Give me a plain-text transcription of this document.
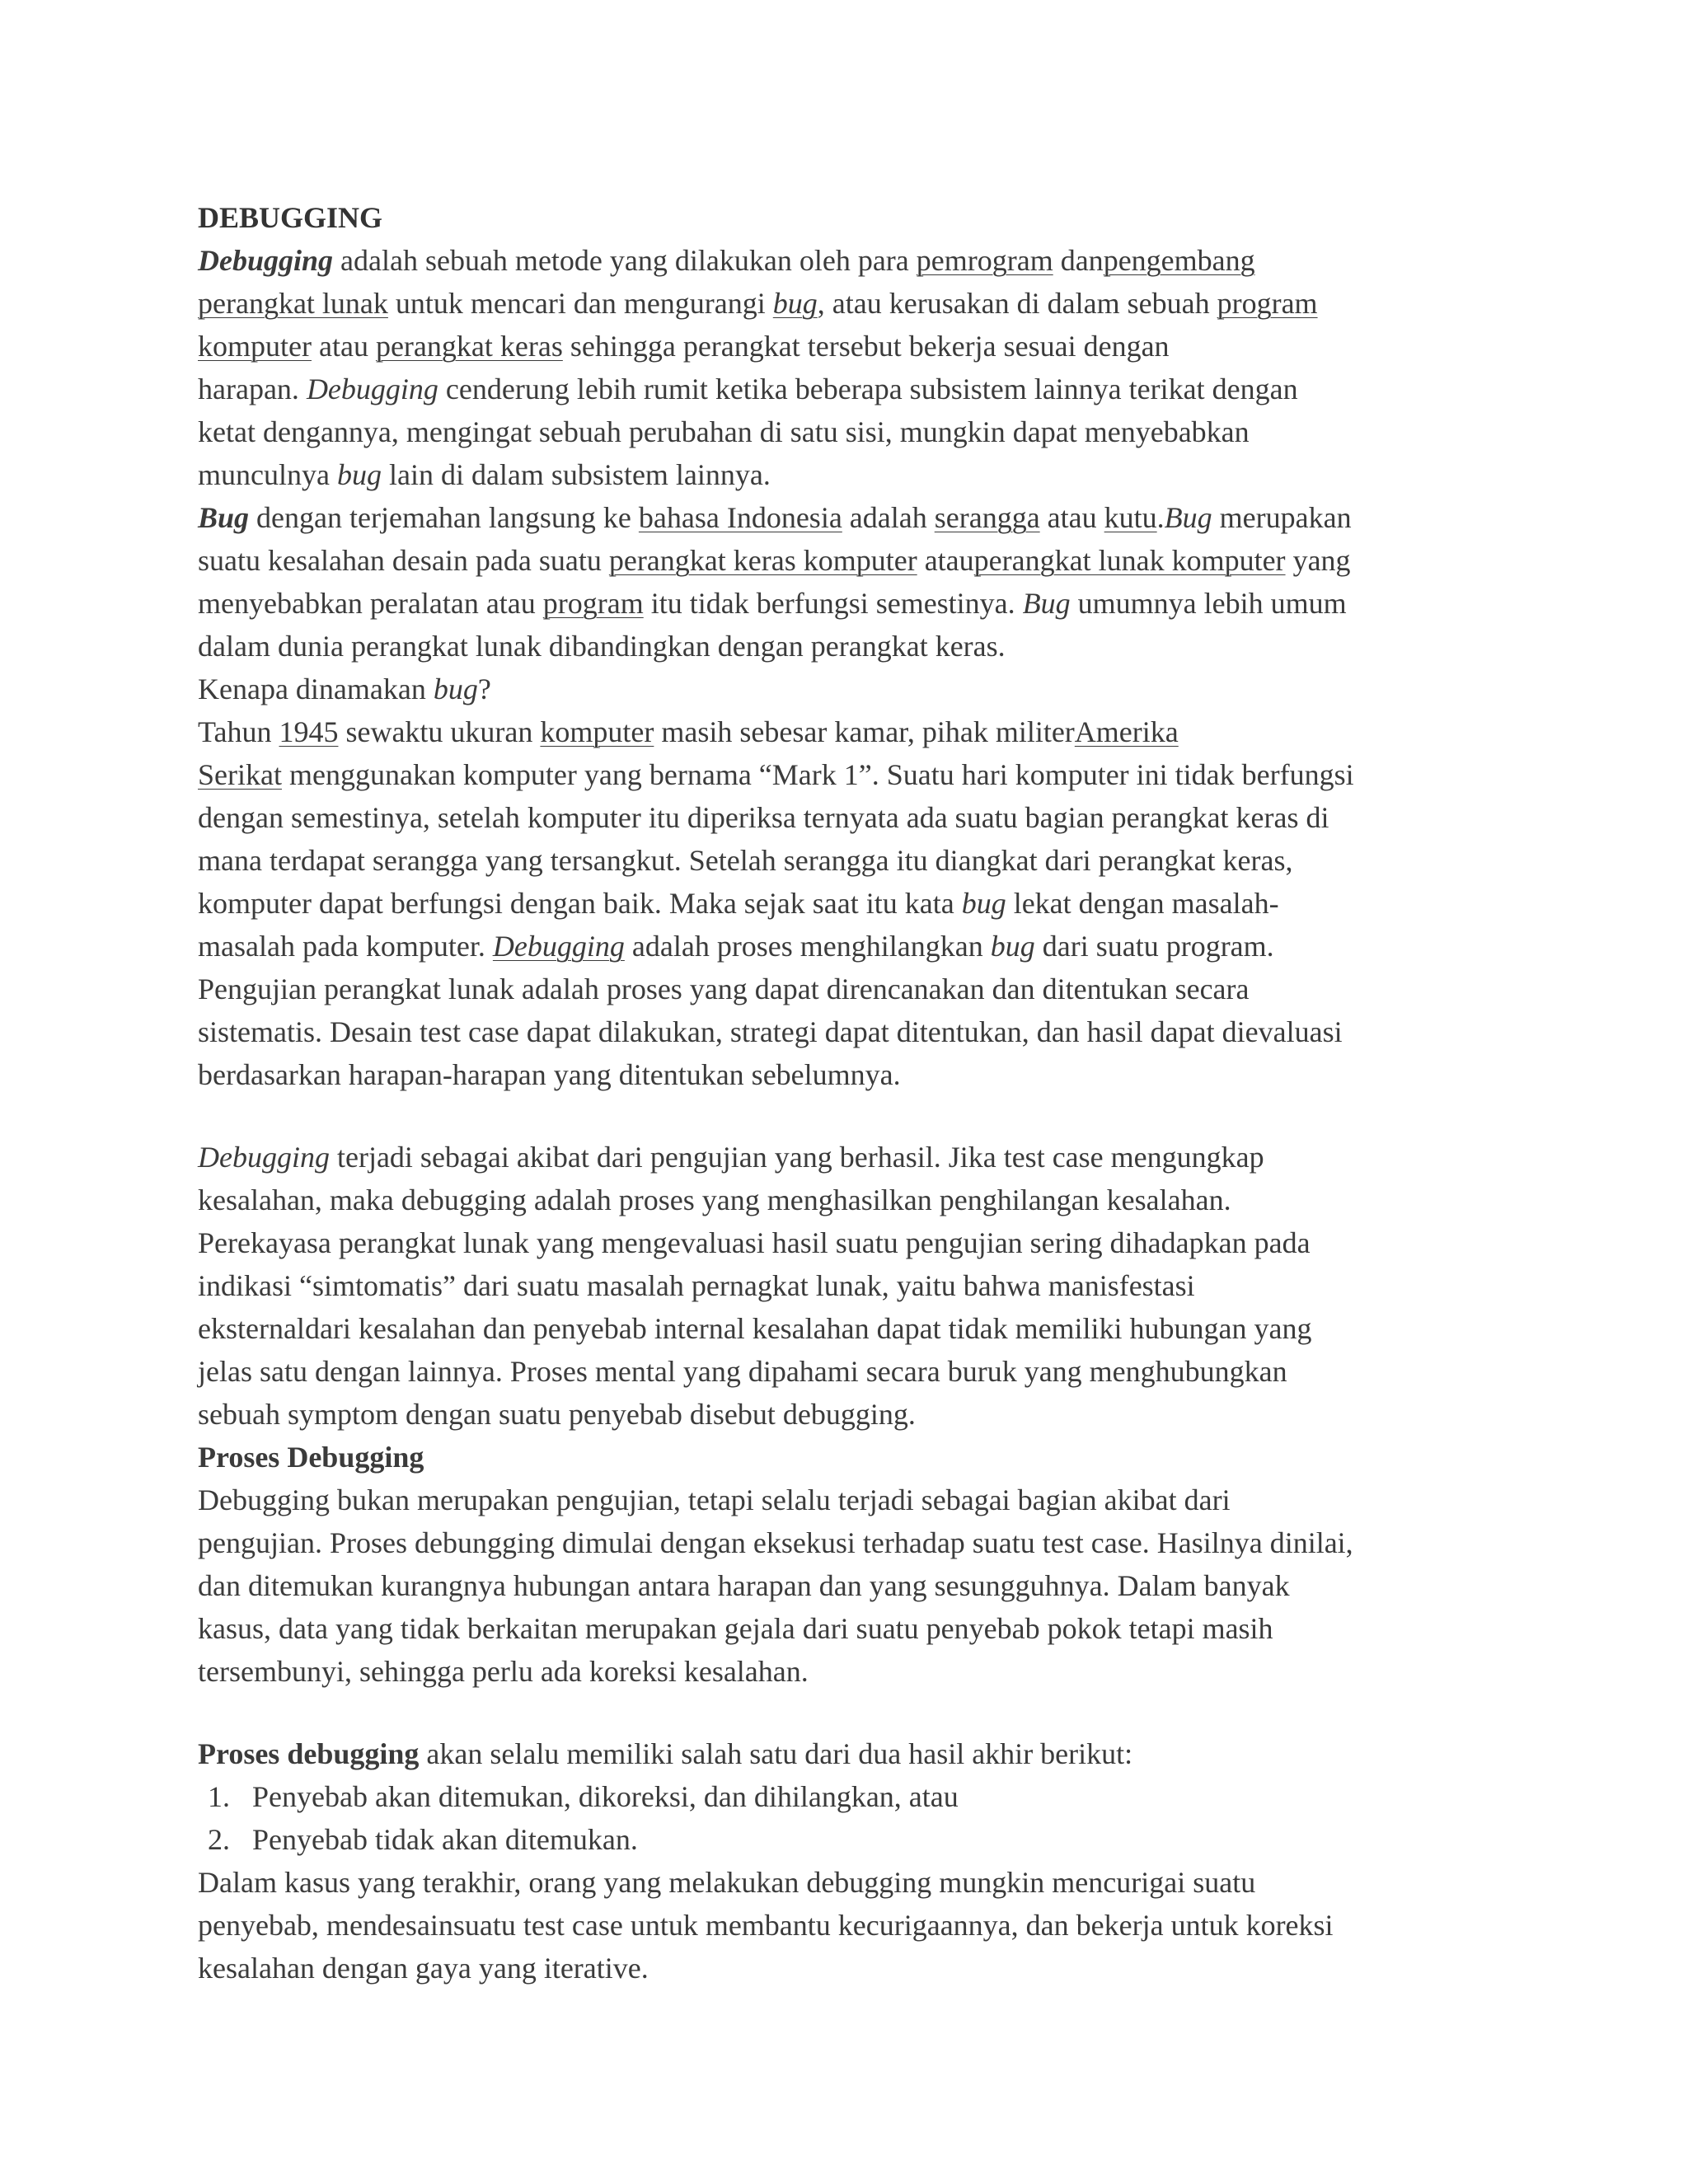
DEBUGGING
Debugging adalah sebuah metode yang dilakukan oleh para pemrogram danpengembang
perangkat lunak untuk mencari dan mengurangi bug, atau kerusakan di dalam sebuah program
komputer atau perangkat keras sehingga perangkat tersebut bekerja sesuai dengan
harapan. Debugging cenderung lebih rumit ketika beberapa subsistem lainnya terikat dengan
ketat dengannya, mengingat sebuah perubahan di satu sisi, mungkin dapat menyebabkan
munculnya bug lain di dalam subsistem lainnya.
Bug dengan terjemahan langsung ke bahasa Indonesia adalah serangga atau kutu.Bug merupakan
suatu kesalahan desain pada suatu perangkat keras komputer atauperangkat lunak komputer yang
menyebabkan peralatan atau program itu tidak berfungsi semestinya. Bug umumnya lebih umum
dalam dunia perangkat lunak dibandingkan dengan perangkat keras.
Kenapa dinamakan bug?
Tahun 1945 sewaktu ukuran komputer masih sebesar kamar, pihak militerAmerika
Serikat menggunakan komputer yang bernama “Mark 1”. Suatu hari komputer ini tidak berfungsi
dengan semestinya, setelah komputer itu diperiksa ternyata ada suatu bagian perangkat keras di
mana terdapat serangga yang tersangkut. Setelah serangga itu diangkat dari perangkat keras,
komputer dapat berfungsi dengan baik. Maka sejak saat itu kata bug lekat dengan masalah-
masalah pada komputer. Debugging adalah proses menghilangkan bug dari suatu program.
Pengujian perangkat lunak adalah proses yang dapat direncanakan dan ditentukan secara
sistematis. Desain test case dapat dilakukan, strategi dapat ditentukan, dan hasil dapat dievaluasi
berdasarkan harapan-harapan yang ditentukan sebelumnya.
Debugging terjadi sebagai akibat dari pengujian yang berhasil. Jika test case mengungkap
kesalahan, maka debugging adalah proses yang menghasilkan penghilangan kesalahan.
Perekayasa perangkat lunak yang mengevaluasi hasil suatu pengujian sering dihadapkan pada
indikasi “simtomatis” dari suatu masalah pernagkat lunak, yaitu bahwa manisfestasi
eksternaldari kesalahan dan penyebab internal kesalahan dapat tidak memiliki hubungan yang
jelas satu dengan lainnya. Proses mental yang dipahami secara buruk yang menghubungkan
sebuah symptom dengan suatu penyebab disebut debugging.
Proses Debugging
Debugging bukan merupakan pengujian, tetapi selalu terjadi sebagai bagian akibat dari
pengujian. Proses debungging dimulai dengan eksekusi terhadap suatu test case. Hasilnya dinilai,
dan ditemukan kurangnya hubungan antara harapan dan yang sesungguhnya. Dalam banyak
kasus, data yang tidak berkaitan merupakan gejala dari suatu penyebab pokok tetapi masih
tersembunyi, sehingga perlu ada koreksi kesalahan.
Proses debugging akan selalu memiliki salah satu dari dua hasil akhir berikut:
1. Penyebab akan ditemukan, dikoreksi, dan dihilangkan, atau
2. Penyebab tidak akan ditemukan.
Dalam kasus yang terakhir, orang yang melakukan debugging mungkin mencurigai suatu
penyebab, mendesainsuatu test case untuk membantu kecurigaannya, dan bekerja untuk koreksi
kesalahan dengan gaya yang iterative.
